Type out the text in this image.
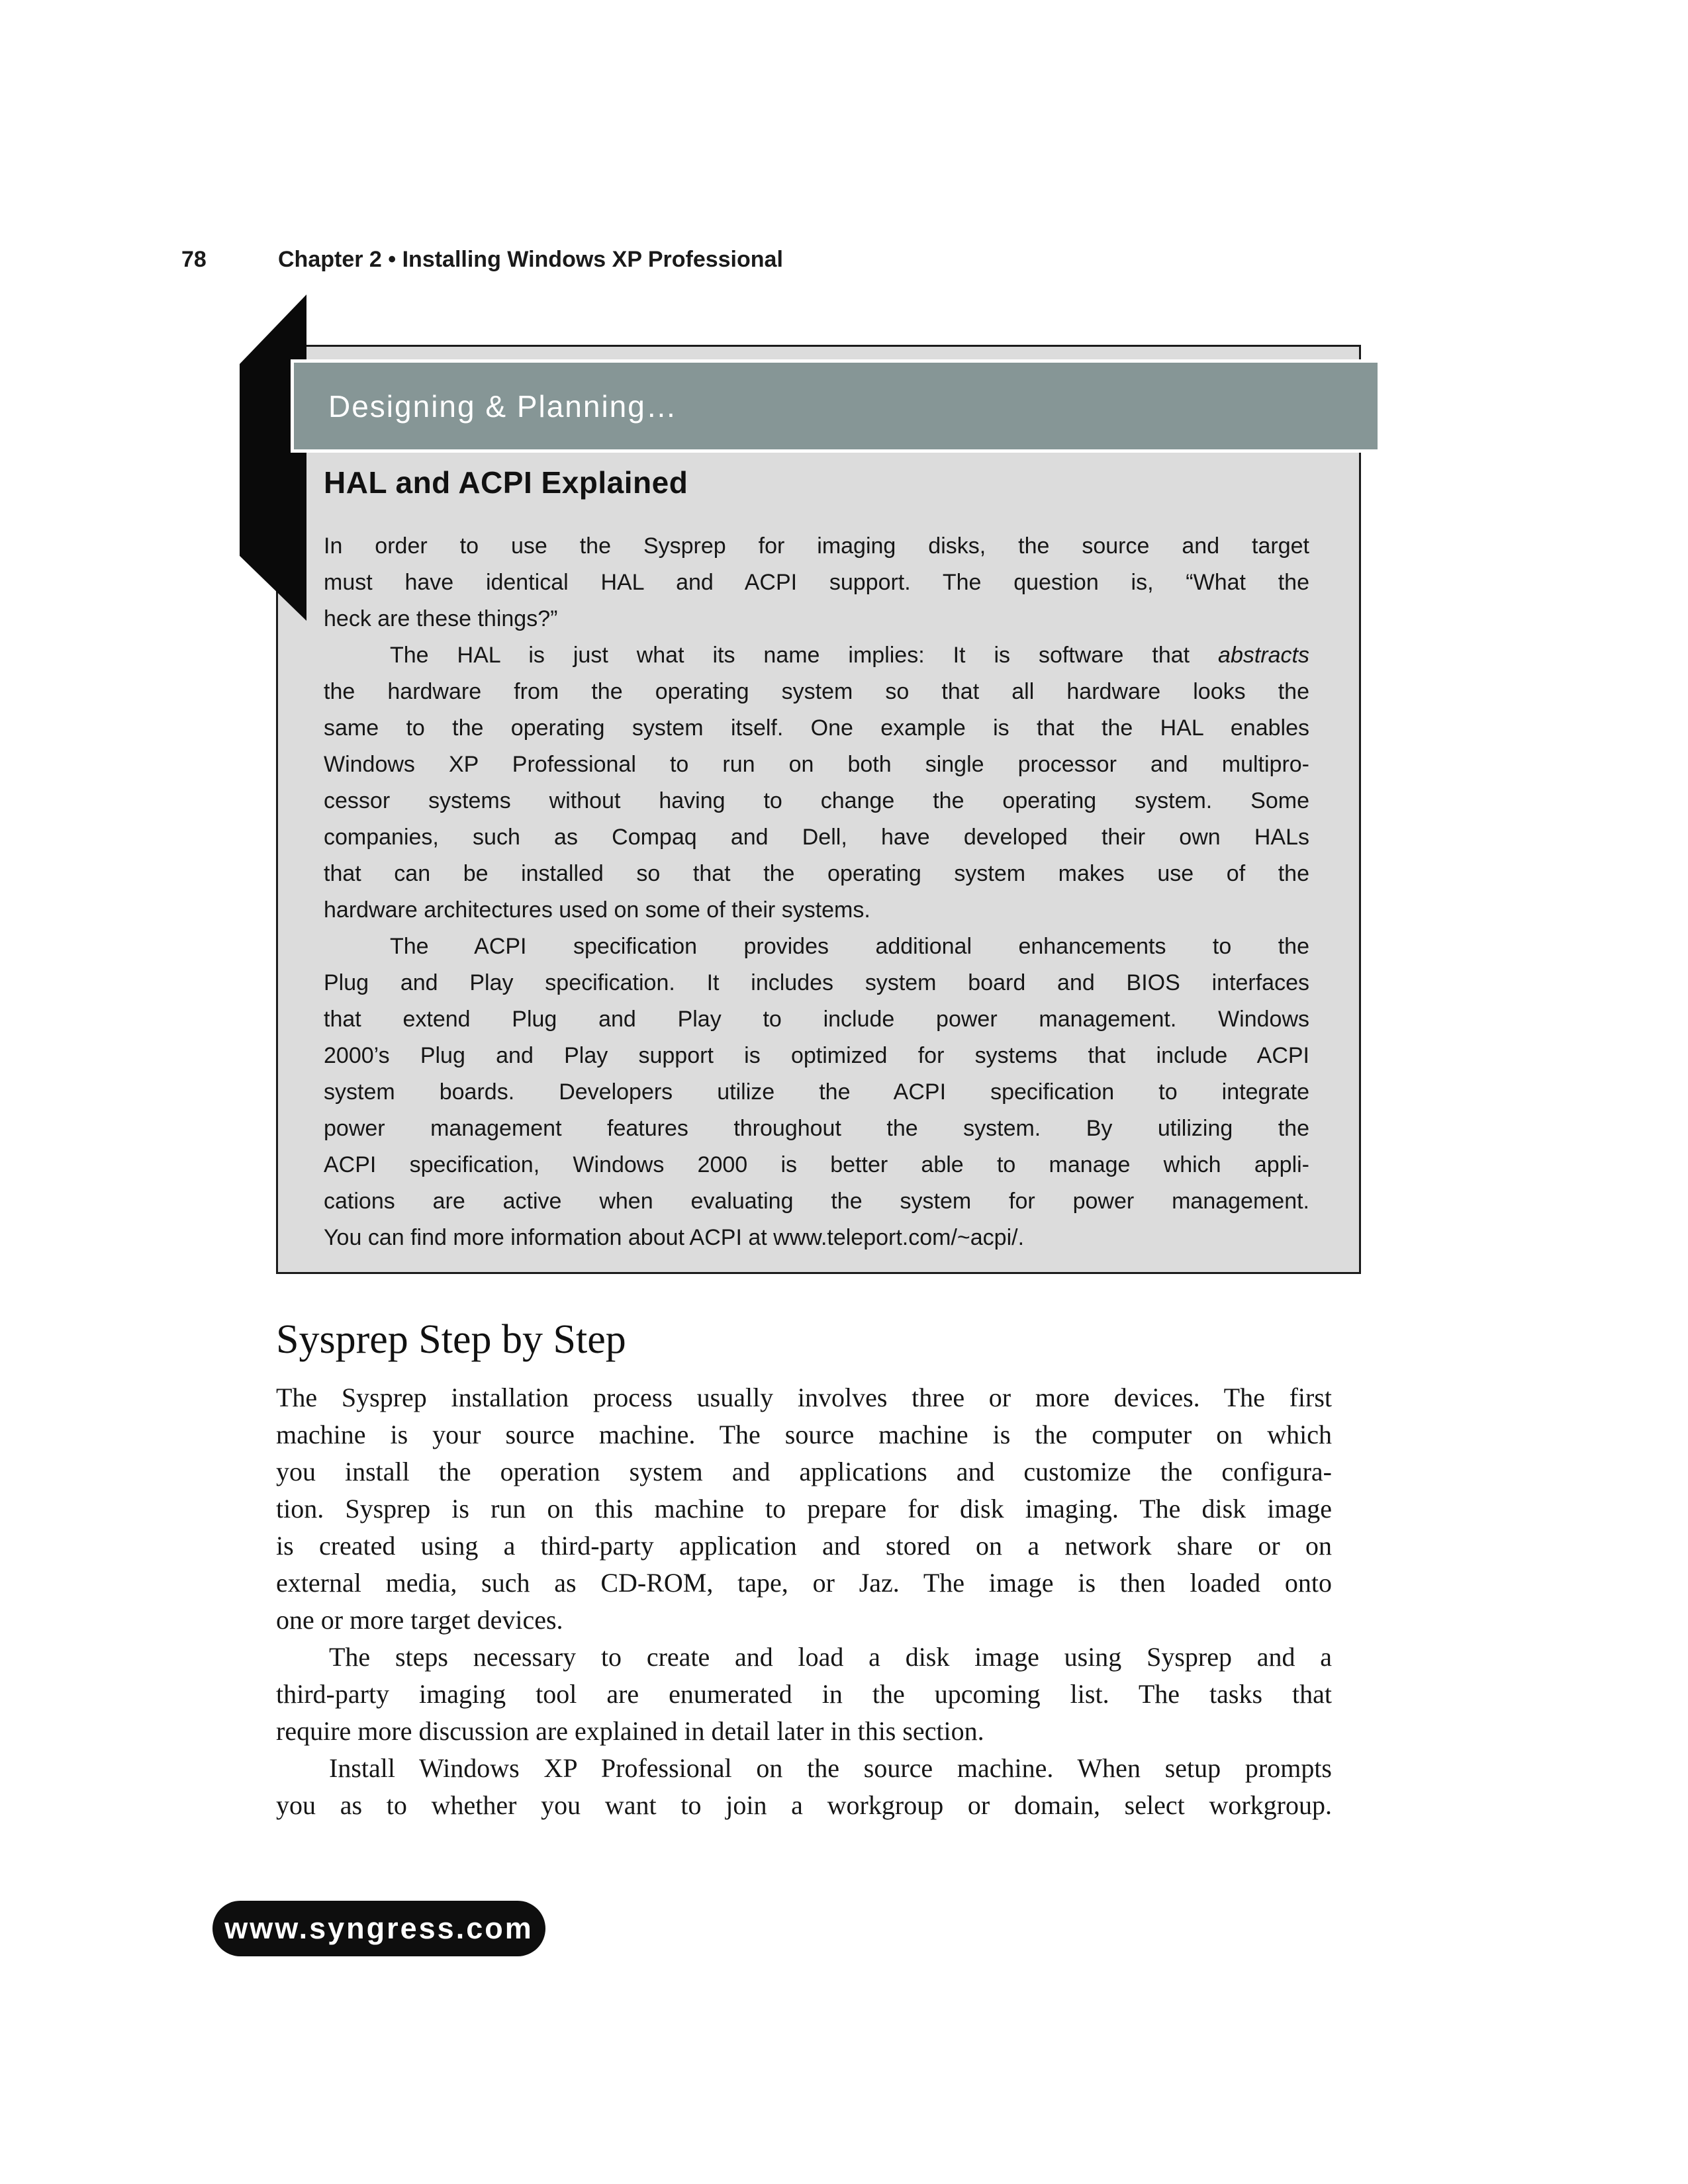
78	Chapter 2 • Installing Windows XP Professional
Designing & Planning…
HAL and ACPI Explained
In order to use the Sysprep for imaging disks, the source and target
must have identical HAL and ACPI support. The question is, “What the
heck are these things?”
The HAL is just what its name implies: It is software that abstracts
the hardware from the operating system so that all hardware looks the
same to the operating system itself. One example is that the HAL enables
Windows XP Professional to run on both single processor and multipro-
cessor systems without having to change the operating system. Some
companies, such as Compaq and Dell, have developed their own HALs
that can be installed so that the operating system makes use of the
hardware architectures used on some of their systems.
The ACPI specification provides additional enhancements to the
Plug and Play specification. It includes system board and BIOS interfaces
that extend Plug and Play to include power management. Windows
2000’s Plug and Play support is optimized for systems that include ACPI
system boards. Developers utilize the ACPI specification to integrate
power management features throughout the system. By utilizing the
ACPI specification, Windows 2000 is better able to manage which appli-
cations are active when evaluating the system for power management.
You can find more information about ACPI at www.teleport.com/~acpi/.
Sysprep Step by Step
The Sysprep installation process usually involves three or more devices. The first
machine is your source machine. The source machine is the computer on which
you install the operation system and applications and customize the configura-
tion. Sysprep is run on this machine to prepare for disk imaging. The disk image
is created using a third-party application and stored on a network share or on
external media, such as CD-ROM, tape, or Jaz. The image is then loaded onto
one or more target devices.
The steps necessary to create and load a disk image using Sysprep and a
third-party imaging tool are enumerated in the upcoming list. The tasks that
require more discussion are explained in detail later in this section.
Install Windows XP Professional on the source machine. When setup prompts
you as to whether you want to join a workgroup or domain, select workgroup.
www.syngress.com
